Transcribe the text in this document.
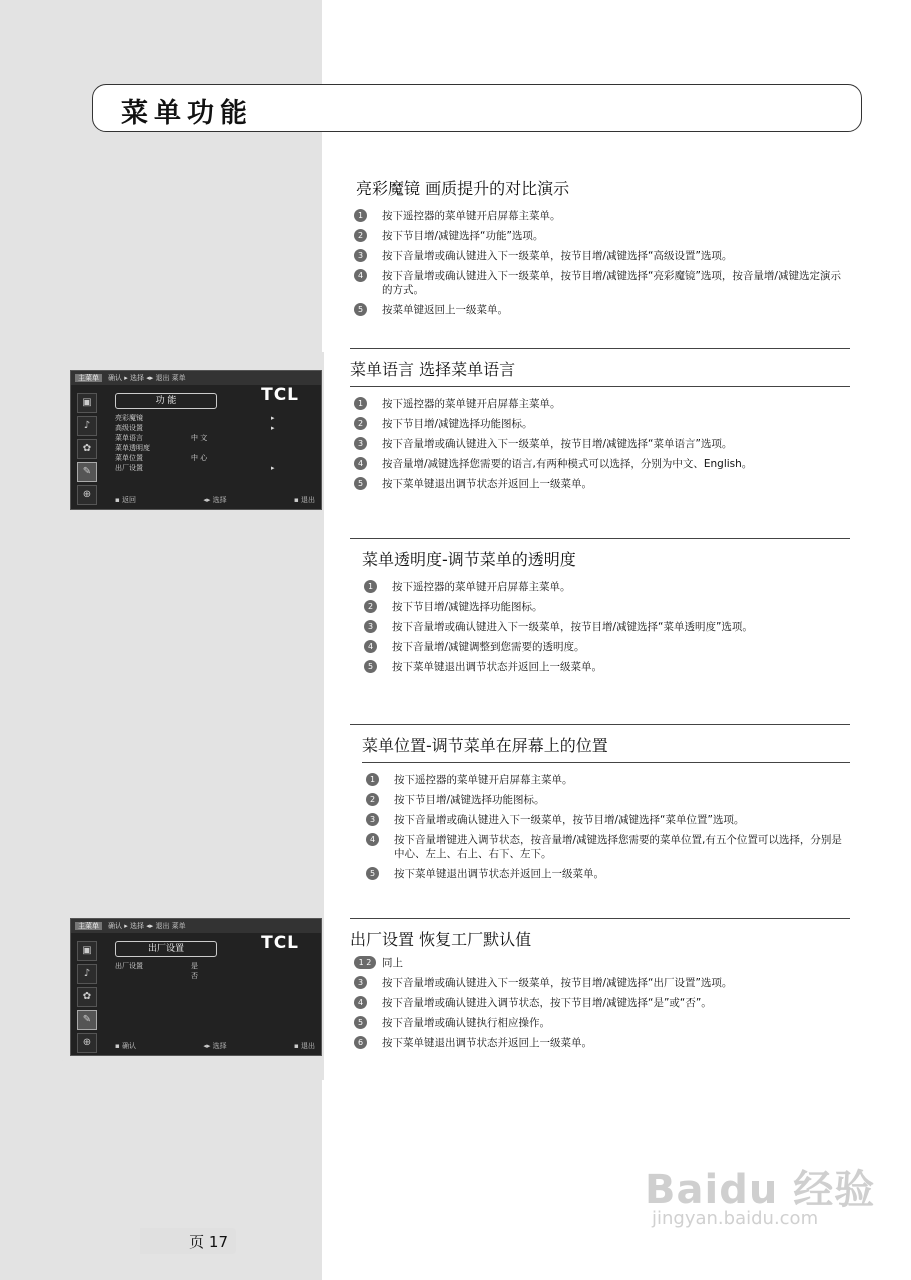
菜单功能
亮彩魔镜 画质提升的对比演示
1	按下遥控器的菜单键开启屏幕主菜单。
2	按下节目增/减键选择“功能”选项。
3	按下音量增或确认键进入下一级菜单，按节目增/减键选择“高级设置”选项。
4	按下音量增或确认键进入下一级菜单，按节目增/减键选择“亮彩魔镜”选项，按音量增/减键选定演示的方式。
5	按菜单键返回上一级菜单。
菜单语言 选择菜单语言
1	按下遥控器的菜单键开启屏幕主菜单。
2	按下节目增/减键选择功能图标。
3	按下音量增或确认键进入下一级菜单，按节目增/减键选择“菜单语言”选项。
4	按音量增/减键选择您需要的语言,有两种模式可以选择，分别为中文、English。
5	按下菜单键退出调节状态并返回上一级菜单。
菜单透明度-调节菜单的透明度
1	按下遥控器的菜单键开启屏幕主菜单。
2	按下节目增/减键选择功能图标。
3	按下音量增或确认键进入下一级菜单，按节目增/减键选择“菜单透明度”选项。
4	按下音量增/减键调整到您需要的透明度。
5	按下菜单键退出调节状态并返回上一级菜单。
菜单位置-调节菜单在屏幕上的位置
1	按下遥控器的菜单键开启屏幕主菜单。
2	按下节目增/减键选择功能图标。
3	按下音量增或确认键进入下一级菜单，按节目增/减键选择“菜单位置”选项。
4	按下音量增键进入调节状态，按音量增/减键选择您需要的菜单位置,有五个位置可以选择，分别是中心、左上、右上、右下、左下。
5	按下菜单键退出调节状态并返回上一级菜单。
出厂设置 恢复工厂默认值
1 2	同上
3	按下音量增或确认键进入下一级菜单，按节目增/减键选择“出厂设置”选项。
4	按下音量增或确认键进入调节状态，按下节目增/减键选择“是”或“否”。
5	按下音量增或确认键执行相应操作。
6	按下菜单键退出调节状态并返回上一级菜单。
主菜单 确认 ▸ 选择 ◂▸ 退出 菜单
TCL
▣
♪
✿
✎
⊕
功 能
亮彩魔镜	▸
高级设置	▸
菜单语言	中 文
菜单透明度
菜单位置	中 心
出厂设置	▸
▪ 返回	◂▸ 选择	▪ 退出
主菜单 确认 ▸ 选择 ◂▸ 退出 菜单
TCL
▣
♪
✿
✎
⊕
出厂设置
出厂设置	是
否
▪ 确认	◂▸ 选择	▪ 退出
页 17
Baidu 经验
jingyan.baidu.com
